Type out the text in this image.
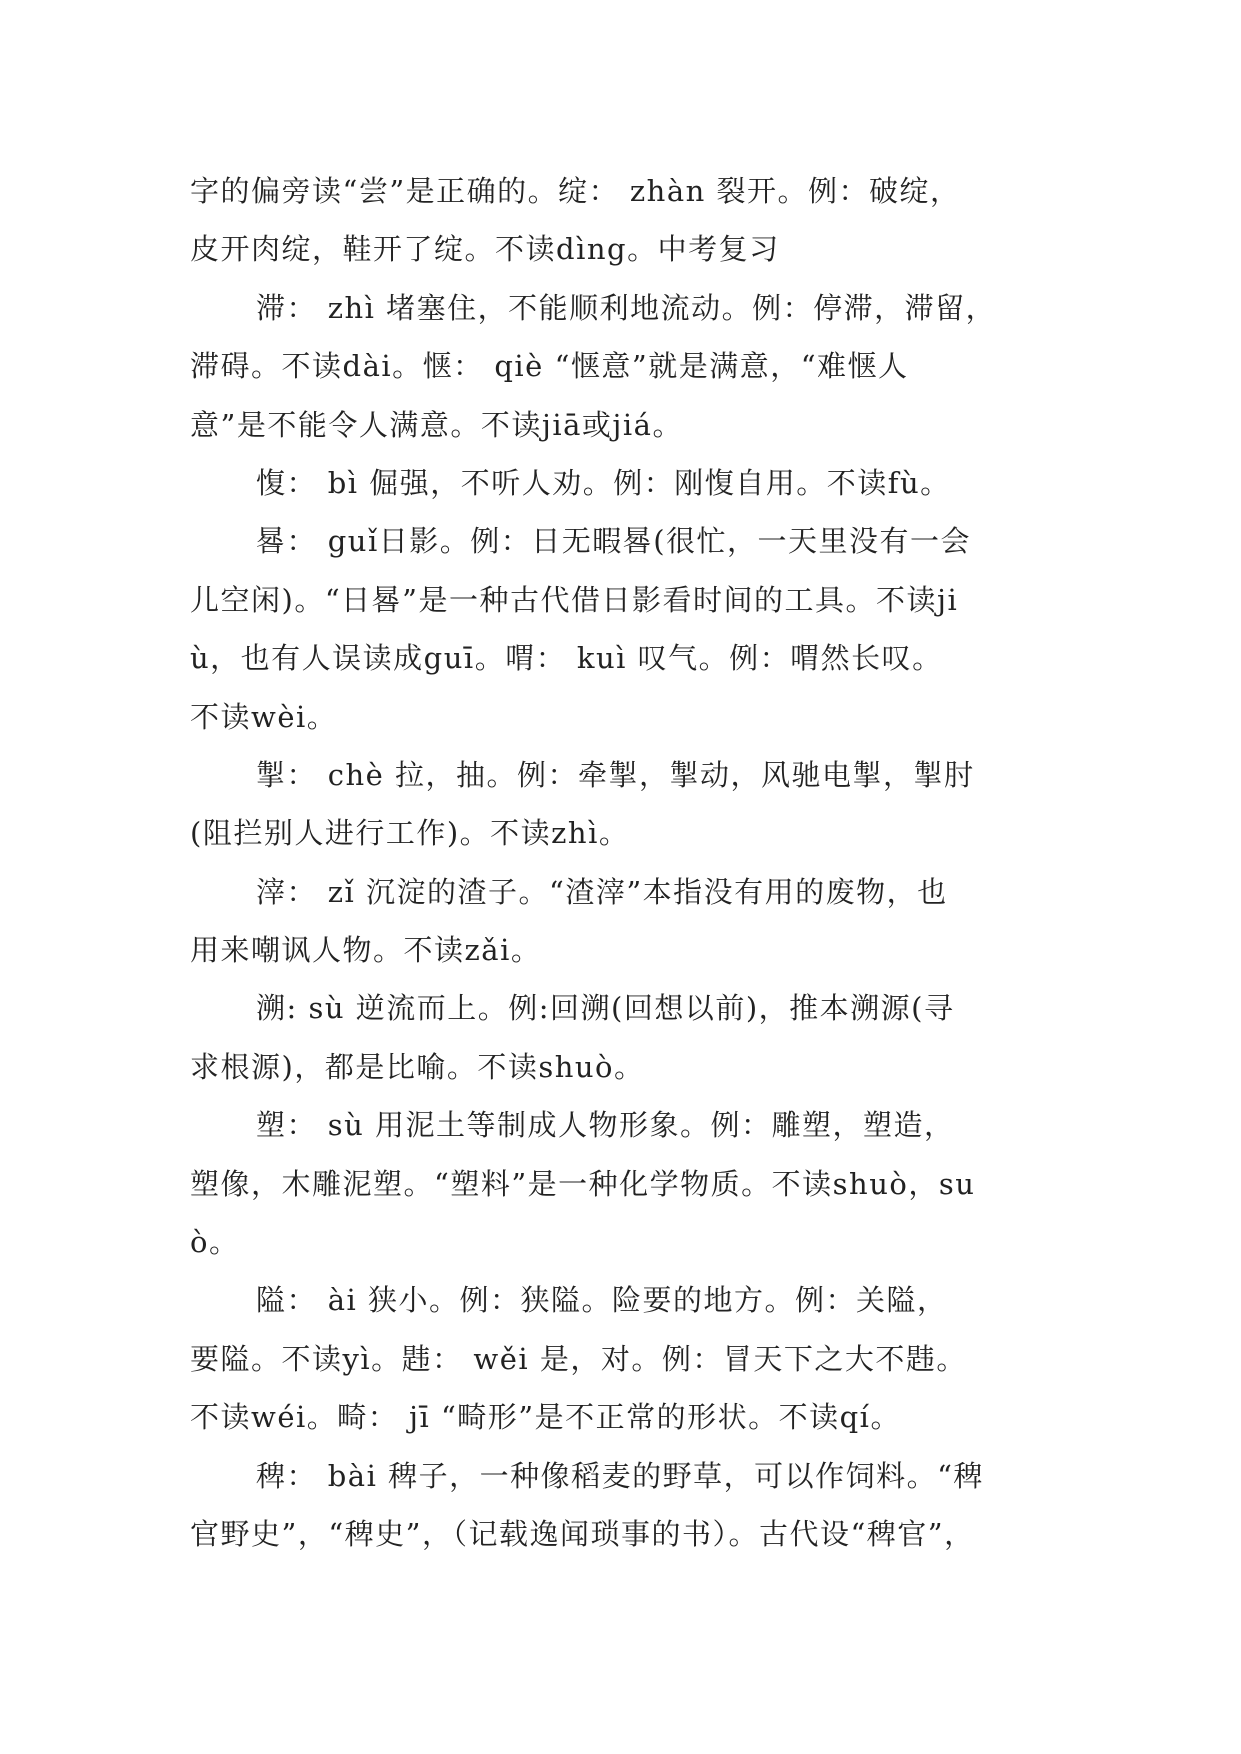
字的偏旁读“尝”是正确的。绽： zhàn 裂开。例：破绽，
皮开肉绽，鞋开了绽。不读dìng。中考复习
滞： zhì 堵塞住，不能顺利地流动。例：停滞，滞留，
滞碍。不读dài。惬： qiè “惬意”就是满意，“难惬人
意”是不能令人满意。不读jiā或jiá。
愎： bì 倔强，不听人劝。例：刚愎自用。不读fù。
晷： guǐ日影。例：日无暇晷(很忙，一天里没有一会
儿空闲)。“日晷”是一种古代借日影看时间的工具。不读ji
ù，也有人误读成guī。喟： kuì 叹气。例：喟然长叹。
不读wèi。
掣： chè 拉，抽。例：牵掣，掣动，风驰电掣，掣肘
(阻拦别人进行工作)。不读zhì。
滓： zǐ 沉淀的渣子。“渣滓”本指没有用的废物，也
用来嘲讽人物。不读zǎi。
溯: sù 逆流而上。例:回溯(回想以前)，推本溯源(寻
求根源)，都是比喻。不读shuò。
塑： sù 用泥土等制成人物形象。例：雕塑，塑造，
塑像，木雕泥塑。“塑料”是一种化学物质。不读shuò，su
ò。
隘： ài 狭小。例：狭隘。险要的地方。例：关隘，
要隘。不读yì。韪： wěi 是，对。例：冒天下之大不韪。
不读wéi。畸： jī “畸形”是不正常的形状。不读qí。
稗： bài 稗子，一种像稻麦的野草，可以作饲料。“稗
官野史”，“稗史”，（记载逸闻琐事的书）。古代设“稗官”，
